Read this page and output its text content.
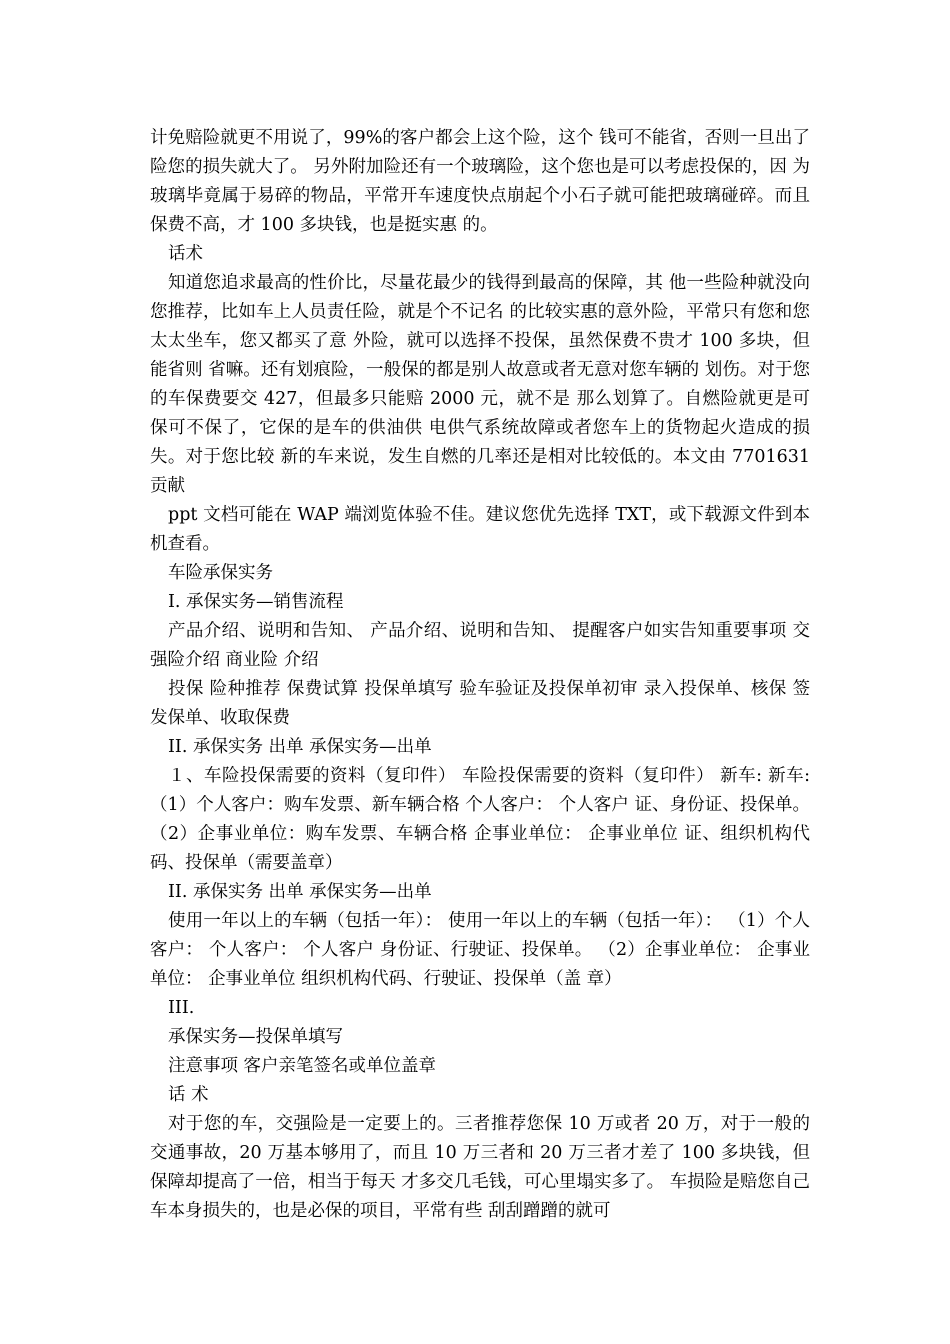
计免赔险就更不用说了，99%的客户都会上这个险，这个 钱可不能省，否则一旦出了险您的损失就大了。 另外附加险还有一个玻璃险，这个您也是可以考虑投保的，因 为玻璃毕竟属于易碎的物品，平常开车速度快点崩起个小石子就可能把玻璃碰碎。而且保费不高，才 100 多块钱，也是挺实惠 的。

话术

知道您追求最高的性价比，尽量花最少的钱得到最高的保障，其 他一些险种就没向您推荐，比如车上人员责任险，就是个不记名 的比较实惠的意外险，平常只有您和您太太坐车，您又都买了意 外险，就可以选择不投保，虽然保费不贵才 100 多块，但能省则 省嘛。还有划痕险，一般保的都是别人故意或者无意对您车辆的 划伤。对于您的车保费要交 427，但最多只能赔 2000 元，就不是 那么划算了。自燃险就更是可保可不保了，它保的是车的供油供 电供气系统故障或者您车上的货物起火造成的损失。对于您比较 新的车来说，发生自燃的几率还是相对比较低的。本文由 7701631 贡献

ppt 文档可能在 WAP 端浏览体验不佳。建议您优先选择 TXT，或下载源文件到本机查看。

车险承保实务

I. 承保实务—销售流程

产品介绍、说明和告知、 产品介绍、说明和告知、 提醒客户如实告知重要事项 交强险介绍 商业险 介绍

投保 险种推荐 保费试算 投保单填写 验车验证及投保单初审 录入投保单、核保 签发保单、收取保费

II. 承保实务 出单 承保实务—出单

１、车险投保需要的资料（复印件） 车险投保需要的资料（复印件） 新车: 新车: （1）个人客户：购车发票、新车辆合格 个人客户： 个人客户 证、身份证、投保单。 （2）企事业单位：购车发票、车辆合格 企事业单位： 企事业单位 证、组织机构代码、投保单（需要盖章）

II. 承保实务 出单 承保实务—出单

使用一年以上的车辆（包括一年）： 使用一年以上的车辆（包括一年）： （1）个人客户： 个人客户： 个人客户 身份证、行驶证、投保单。 （2）企事业单位： 企事业单位： 企事业单位 组织机构代码、行驶证、投保单（盖 章）

III.

承保实务—投保单填写

注意事项 客户亲笔签名或单位盖章

话 术

对于您的车，交强险是一定要上的。三者推荐您保 10 万或者 20 万，对于一般的交通事故，20 万基本够用了，而且 10 万三者和 20 万三者才差了 100 多块钱，但保障却提高了一倍，相当于每天 才多交几毛钱，可心里塌实多了。 车损险是赔您自己车本身损失的，也是必保的项目，平常有些 刮刮蹭蹭的就可
